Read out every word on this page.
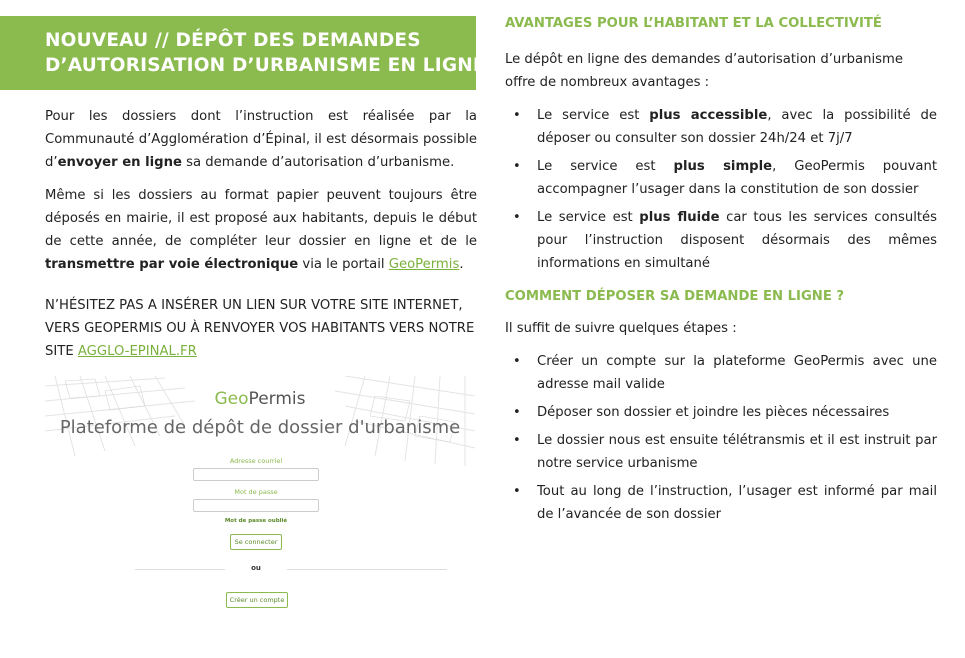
NOUVEAU // DÉPÔT DES DEMANDES
D’AUTORISATION D’URBANISME EN LIGNE

Pour les dossiers dont l’instruction est réalisée par la Communauté d’Agglomération d’Épinal, il est désormais possible d’envoyer en ligne sa demande d’autorisation d’urbanisme.

Même si les dossiers au format papier peuvent toujours être déposés en mairie, il est proposé aux habitants, depuis le début de cette année, de compléter leur dossier en ligne et de le transmettre par voie électronique via le portail GeoPermis.

N’HÉSITEZ PAS A INSÉRER UN LIEN SUR VOTRE SITE INTERNET, VERS GEOPERMIS OU À RENVOYER VOS HABITANTS VERS NOTRE SITE AGGLO-EPINAL.FR

GeoPermis
Plateforme de dépôt de dossier d'urbanisme
Adresse courriel
Mot de passe
Mot de passe oublié
Se connecter
ou
Créer un compte

AVANTAGES POUR L’HABITANT ET LA COLLECTIVITÉ

Le dépôt en ligne des demandes d’autorisation d’urbanisme offre de nombreux avantages :

• Le service est plus accessible, avec la possibilité de déposer ou consulter son dossier 24h/24 et 7j/7
• Le service est plus simple, GeoPermis pouvant accompagner l’usager dans la constitution de son dossier
• Le service est plus fluide car tous les services consultés pour l’instruction disposent désormais des mêmes informations en simultané

COMMENT DÉPOSER SA DEMANDE EN LIGNE ?

Il suffit de suivre quelques étapes :

• Créer un compte sur la plateforme GeoPermis avec une adresse mail valide
• Déposer son dossier et joindre les pièces nécessaires
• Le dossier nous est ensuite télétransmis et il est instruit par notre service urbanisme
• Tout au long de l’instruction, l’usager est informé par mail de l’avancée de son dossier
